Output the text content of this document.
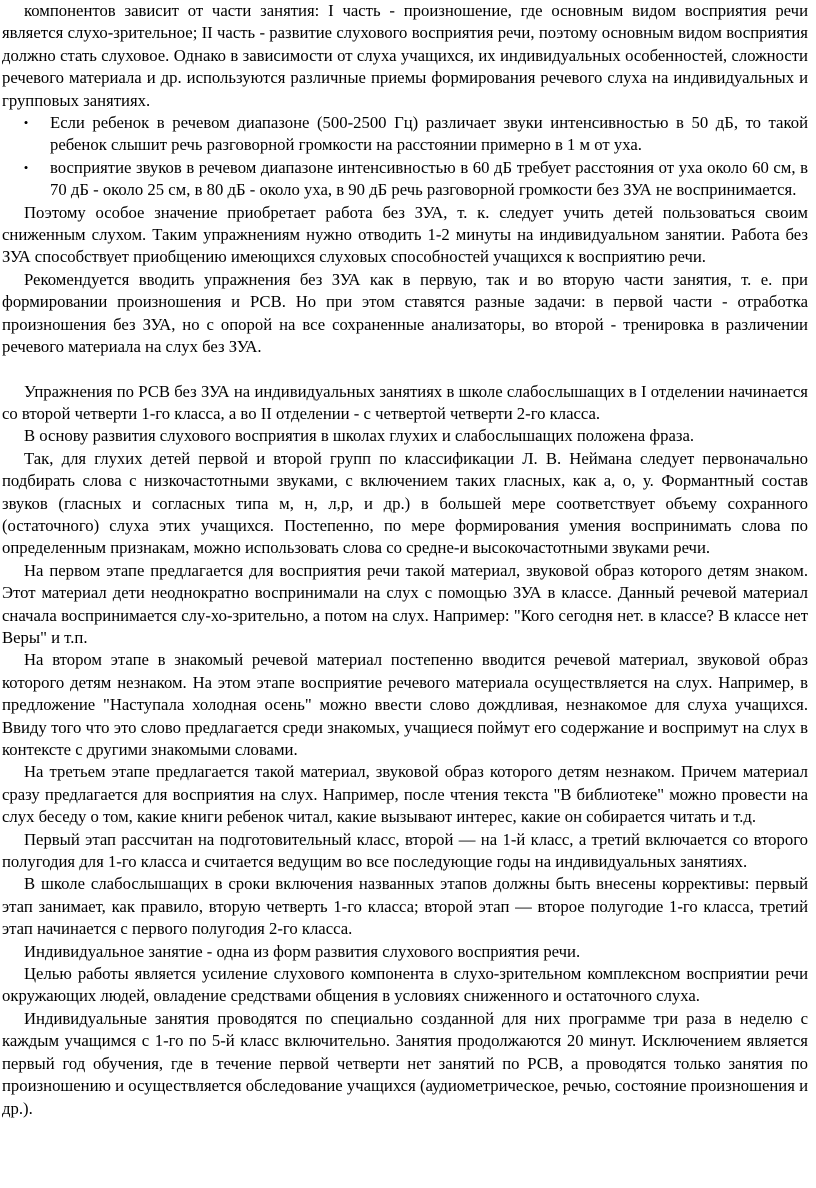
компонентов зависит от части занятия: I часть - произношение, где основным видом восприятия речи является слухо-зрительное; II часть - развитие слухового восприятия речи, поэтому основным видом восприятия должно стать слуховое. Однако в зависимости от слуха учащихся, их индивидуальных особенностей, сложности речевого материала и др. используются различные приемы формирования речевого слуха на индивидуальных и групповых занятиях.

•	Если ребенок в речевом диапазоне (500-2500 Гц) различает звуки интенсивностью в 50 дБ, то такой ребенок слышит речь разговорной громкости на расстоянии примерно в 1 м от уха.
•	восприятие звуков в речевом диапазоне интенсивностью в 60 дБ требует расстояния от уха около 60 см, в 70 дБ - около 25 см, в 80 дБ - около уха, в 90 дБ речь разговорной громкости без ЗУА не воспринимается.

Поэтому особое значение приобретает работа без ЗУА, т. к. следует учить детей пользоваться своим сниженным слухом. Таким упражнениям нужно отводить 1-2 минуты на индивидуальном занятии. Работа без ЗУА способствует приобщению имеющихся слуховых способностей учащихся к восприятию речи.

Рекомендуется вводить упражнения без ЗУА как в первую, так и во вторую части занятия, т. е. при формировании произношения и РСВ. Но при этом ставятся разные задачи: в первой части - отработка произношения без ЗУА, но с опорой на все сохраненные анализаторы, во второй - тренировка в различении речевого материала на слух без ЗУА.

Упражнения по РСВ без ЗУА на индивидуальных занятиях в школе слабослышащих в I отделении начинается со второй четверти 1-го класса, а во II отделении - с четвертой четверти 2-го класса.

В основу развития слухового восприятия в школах глухих и слабослышащих положена фраза.

Так, для глухих детей первой и второй групп по классификации Л. В. Неймана следует первоначально подбирать слова с низкочастотными звуками, с включением таких гласных, как а, о, у. Формантный состав звуков (гласных и согласных типа м, н, л,р, и др.) в большей мере соответствует объему сохранного (остаточного) слуха этих учащихся. Постепенно, по мере формирования умения воспринимать слова по определенным признакам, можно использовать слова со средне-и высокочастотными звуками речи.

На первом этапе предлагается для восприятия речи такой материал, звуковой образ которого детям знаком. Этот материал дети неоднократно воспринимали на слух с помощью ЗУА в классе. Данный речевой материал сначала воспринимается слу-хо-зрительно, а потом на слух. Например: "Кого сегодня нет. в классе? В классе нет Веры" и т.п.

На втором этапе в знакомый речевой материал постепенно вводится речевой материал, звуковой образ которого детям незнаком. На этом этапе восприятие речевого материала осуществляется на слух. Например, в предложение "Наступала холодная осень" можно ввести слово дождливая, незнакомое для слуха учащихся. Ввиду того что это слово предлагается среди знакомых, учащиеся поймут его содержание и воспримут на слух в контексте с другими знакомыми словами.

На третьем этапе предлагается такой материал, звуковой образ которого детям незнаком. Причем материал сразу предлагается для восприятия на слух. Например, после чтения текста "В библиотеке" можно провести на слух беседу о том, какие книги ребенок читал, какие вызывают интерес, какие он собирается читать и т.д.

Первый этап рассчитан на подготовительный класс, второй — на 1-й класс, а третий включается со второго полугодия для 1-го класса и считается ведущим во все последующие годы на индивидуальных занятиях.

В школе слабослышащих в сроки включения названных этапов должны быть внесены коррективы: первый этап занимает, как правило, вторую четверть 1-го класса; второй этап — второе полугодие 1-го класса, третий этап начинается с первого полугодия 2-го класса.

Индивидуальное занятие - одна из форм развития слухового восприятия речи.

Целью работы является усиление слухового компонента в слухо-зрительном комплексном восприятии речи окружающих людей, овладение средствами общения в условиях сниженного и остаточного слуха.

Индивидуальные занятия проводятся по специально созданной для них программе три раза в неделю с каждым учащимся с 1-го по 5-й класс включительно. Занятия продолжаются 20 минут. Исключением является первый год обучения, где в течение первой четверти нет занятий по РСВ, а проводятся только занятия по произношению и осуществляется обследование учащихся (аудиометрическое, речью, состояние произношения и др.).
